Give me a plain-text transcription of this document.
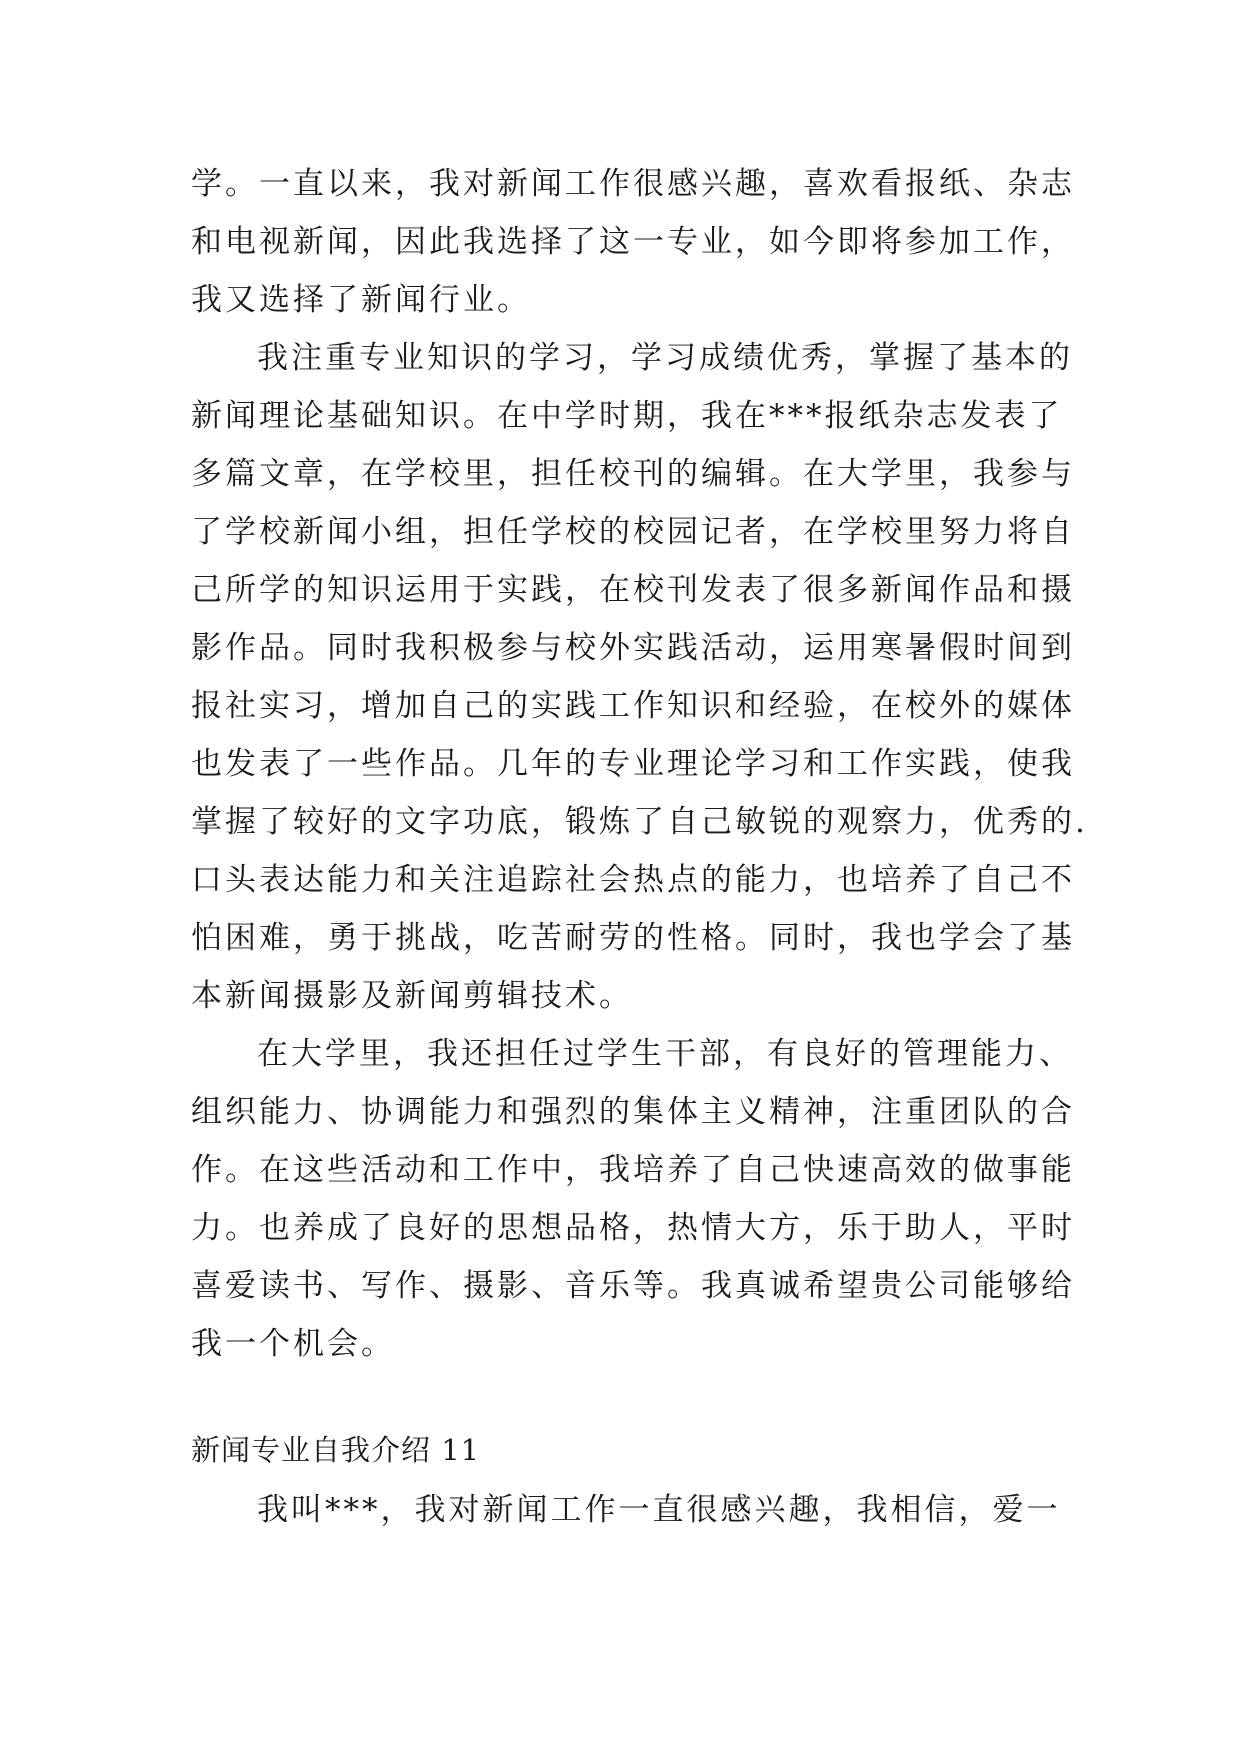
学。一直以来，我对新闻工作很感兴趣，喜欢看报纸、杂志
和电视新闻，因此我选择了这一专业，如今即将参加工作，
我又选择了新闻行业。
我注重专业知识的学习，学习成绩优秀，掌握了基本的
新闻理论基础知识。在中学时期，我在***报纸杂志发表了
多篇文章，在学校里，担任校刊的编辑。在大学里，我参与
了学校新闻小组，担任学校的校园记者，在学校里努力将自
己所学的知识运用于实践，在校刊发表了很多新闻作品和摄
影作品。同时我积极参与校外实践活动，运用寒暑假时间到
报社实习，增加自己的实践工作知识和经验，在校外的媒体
也发表了一些作品。几年的专业理论学习和工作实践，使我
掌握了较好的文字功底，锻炼了自己敏锐的观察力，优秀的.
口头表达能力和关注追踪社会热点的能力，也培养了自己不
怕困难，勇于挑战，吃苦耐劳的性格。同时，我也学会了基
本新闻摄影及新闻剪辑技术。
在大学里，我还担任过学生干部，有良好的管理能力、
组织能力、协调能力和强烈的集体主义精神，注重团队的合
作。在这些活动和工作中，我培养了自己快速高效的做事能
力。也养成了良好的思想品格，热情大方，乐于助人，平时
喜爱读书、写作、摄影、音乐等。我真诚希望贵公司能够给
我一个机会。
新闻专业自我介绍 11
我叫***，我对新闻工作一直很感兴趣，我相信，爱一
